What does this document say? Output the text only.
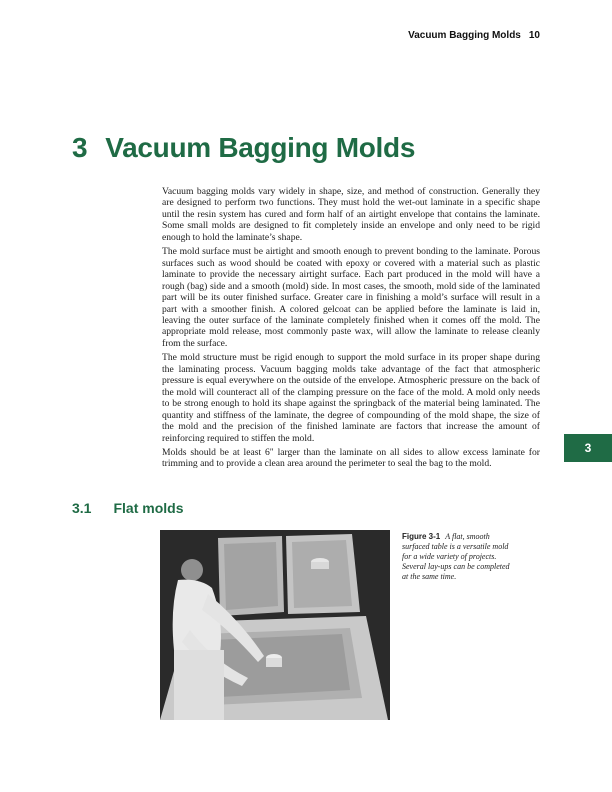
Vacuum Bagging Molds 10
3 Vacuum Bagging Molds

Vacuum bagging molds vary widely in shape, size, and method of construction. Generally they are designed to perform two functions. They must hold the wet-out laminate in a specific shape until the resin system has cured and form half of an airtight envelope that contains the laminate. Some small molds are designed to fit completely inside an envelope and only need to be rigid enough to hold the laminate’s shape.

The mold surface must be airtight and smooth enough to prevent bonding to the laminate. Porous surfaces such as wood should be coated with epoxy or covered with a material such as plastic laminate to provide the necessary airtight surface. Each part produced in the mold will have a rough (bag) side and a smooth (mold) side. In most cases, the smooth, mold side of the laminated part will be its outer finished surface. Greater care in finishing a mold’s surface will result in a part with a smoother finish. A colored gelcoat can be applied before the laminate is laid in, leaving the outer surface of the laminate completely finished when it comes off the mold. The appropriate mold release, most commonly paste wax, will allow the laminate to release cleanly from the surface.

The mold structure must be rigid enough to support the mold surface in its proper shape during the laminating process. Vacuum bagging molds take advantage of the fact that atmospheric pressure is equal everywhere on the outside of the envelope. Atmospheric pressure on the back of the mold will counteract all of the clamping pressure on the face of the mold. A mold only needs to be strong enough to hold its shape against the springback of the material being laminated. The quantity and stiffness of the laminate, the degree of compounding of the mold shape, the size of the mold and the precision of the finished laminate are factors that increase the amount of reinforcing required to stiffen the mold.

Molds should be at least 6" larger than the laminate on all sides to allow excess laminate for trimming and to provide a clean area around the perimeter to seal the bag to the mold.

3
3.1 Flat molds
Figure 3-1 A flat, smooth surfaced table is a versatile mold for a wide variety of projects. Several lay-ups can be completed at the same time.
